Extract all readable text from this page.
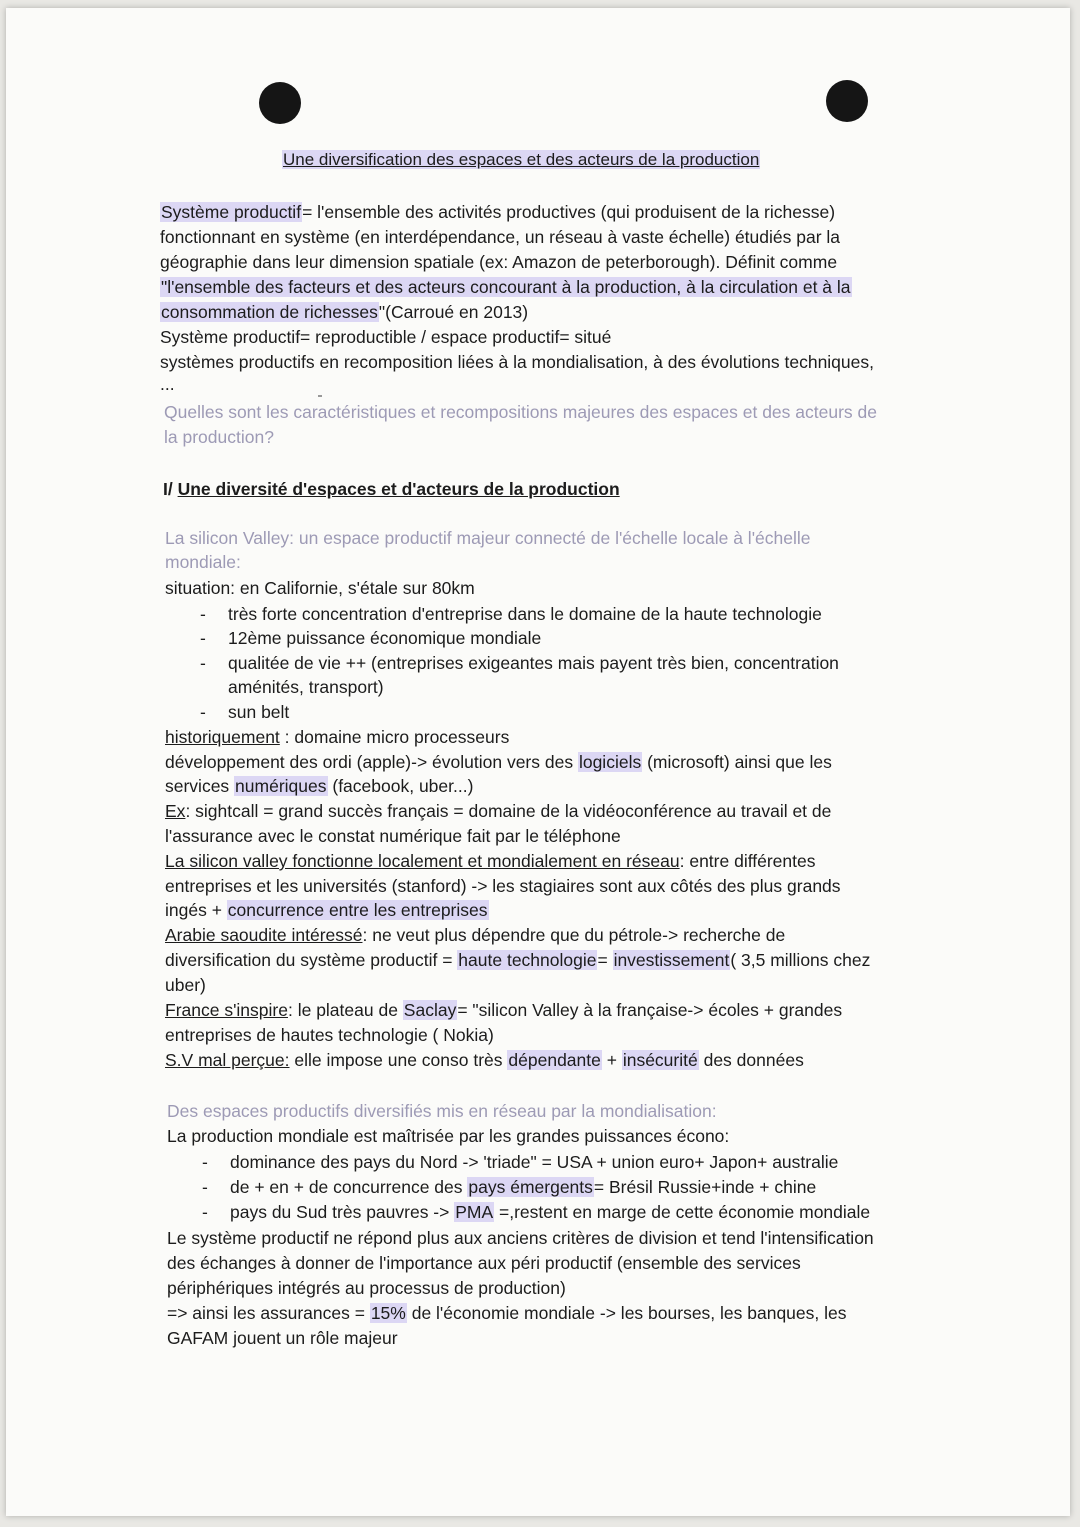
Une diversification des espaces et des acteurs de la production
Système productif= l'ensemble des activités productives (qui produisent de la richesse)
fonctionnant en système (en interdépendance, un réseau à vaste échelle) étudiés par la
géographie dans leur dimension spatiale (ex: Amazon de peterborough). Définit comme
"l'ensemble des facteurs et des acteurs concourant à la production, à la circulation et à la
consommation de richesses"(Carroué en 2013)
Système productif= reproductible / espace productif= situé
systèmes productifs en recomposition liées à la mondialisation, à des évolutions techniques,
...
Quelles sont les caractéristiques et recompositions majeures des espaces et des acteurs de
la production?
I/ Une diversité d'espaces et d'acteurs de la production
La silicon Valley: un espace productif majeur connecté de l'échelle locale à l'échelle
mondiale:
situation: en Californie, s'étale sur 80km
- très forte concentration d'entreprise dans le domaine de la haute technologie
- 12ème puissance économique mondiale
- qualitée de vie ++ (entreprises exigeantes mais payent très bien, concentration
aménités, transport)
- sun belt
historiquement : domaine micro processeurs
développement des ordi (apple)-> évolution vers des logiciels (microsoft) ainsi que les
services numériques (facebook, uber...)
Ex: sightcall = grand succès français = domaine de la vidéoconférence au travail et de
l'assurance avec le constat numérique fait par le téléphone
La silicon valley fonctionne localement et mondialement en réseau: entre différentes
entreprises et les universités (stanford) -> les stagiaires sont aux côtés des plus grands
ingés + concurrence entre les entreprises
Arabie saoudite intéressé: ne veut plus dépendre que du pétrole-> recherche de
diversification du système productif = haute technologie= investissement( 3,5 millions chez
uber)
France s'inspire: le plateau de Saclay= "silicon Valley à la française-> écoles + grandes
entreprises de hautes technologie ( Nokia)
S.V mal perçue: elle impose une conso très dépendante + insécurité des données
Des espaces productifs diversifiés mis en réseau par la mondialisation:
La production mondiale est maîtrisée par les grandes puissances écono:
- dominance des pays du Nord -> 'triade" = USA + union euro+ Japon+ australie
- de + en + de concurrence des pays émergents= Brésil Russie+inde + chine
- pays du Sud très pauvres -> PMA =,restent en marge de cette économie mondiale
Le système productif ne répond plus aux anciens critères de division et tend l'intensification
des échanges à donner de l'importance aux péri productif (ensemble des services
périphériques intégrés au processus de production)
=> ainsi les assurances = 15% de l'économie mondiale -> les bourses, les banques, les
GAFAM jouent un rôle majeur
